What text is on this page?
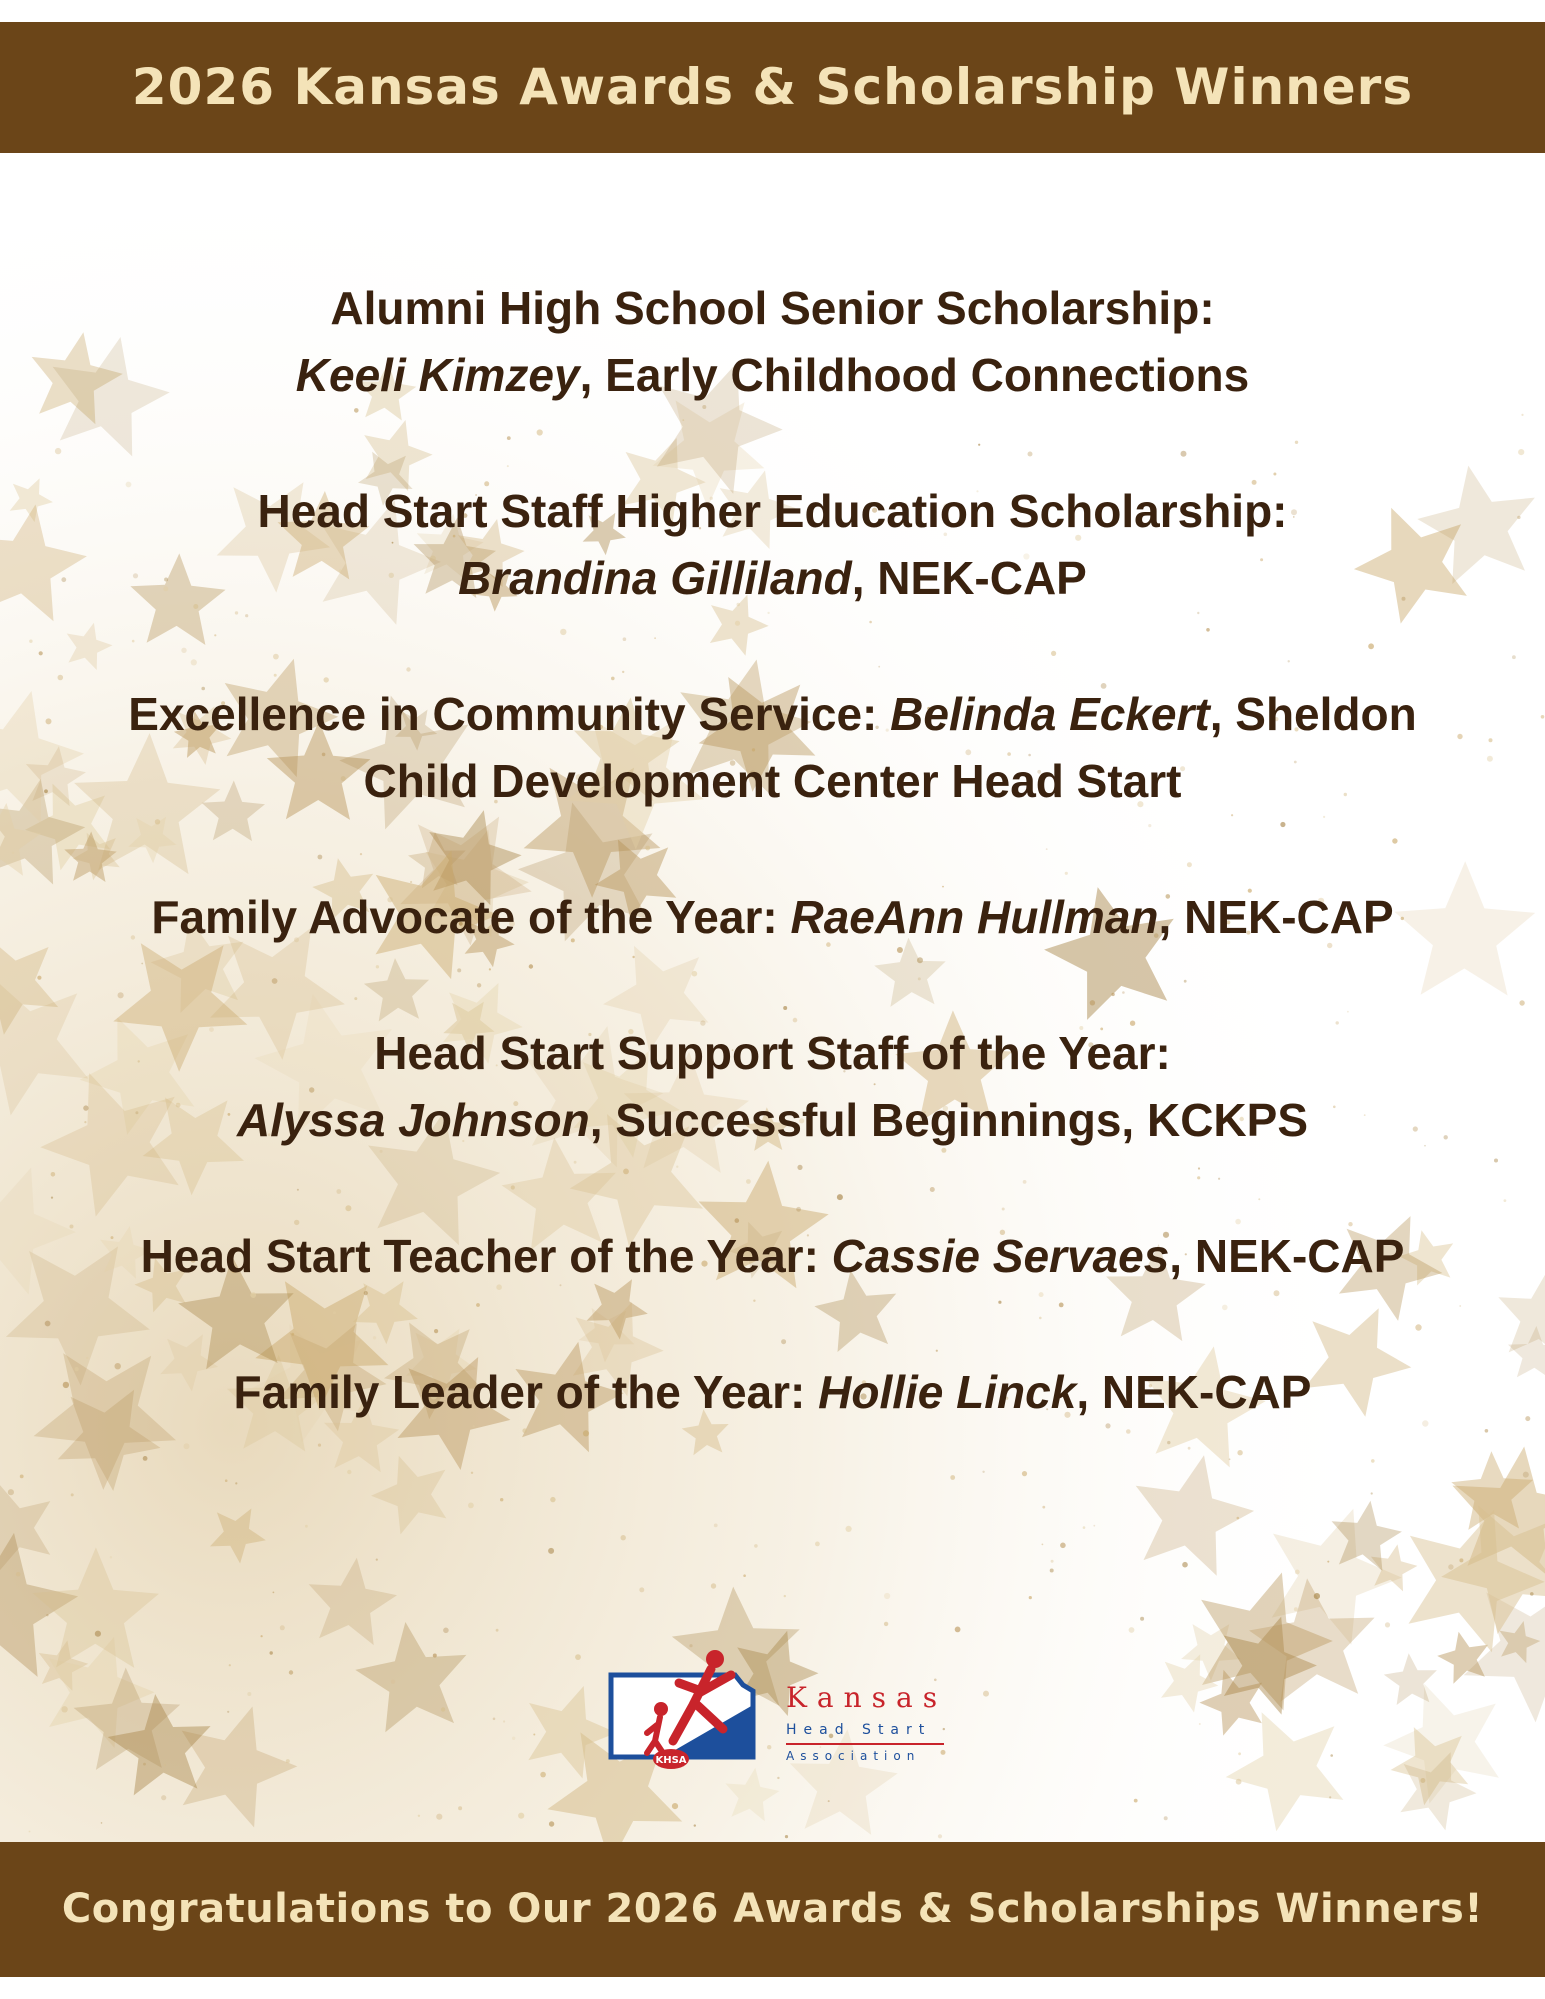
2026 Kansas Awards & Scholarship Winners
Alumni High School Senior Scholarship:
Keeli Kimzey, Early Childhood Connections
Head Start Staff Higher Education Scholarship:
Brandina Gilliland, NEK-CAP
Excellence in Community Service: Belinda Eckert, Sheldon Child Development Center Head Start
Family Advocate of the Year: RaeAnn Hullman, NEK-CAP
Head Start Support Staff of the Year:
Alyssa Johnson, Successful Beginnings, KCKPS
Head Start Teacher of the Year: Cassie Servaes, NEK-CAP
Family Leader of the Year: Hollie Linck, NEK-CAP
KHSA
Kansas
Head Start
Association
Congratulations to Our 2026 Awards & Scholarships Winners!
